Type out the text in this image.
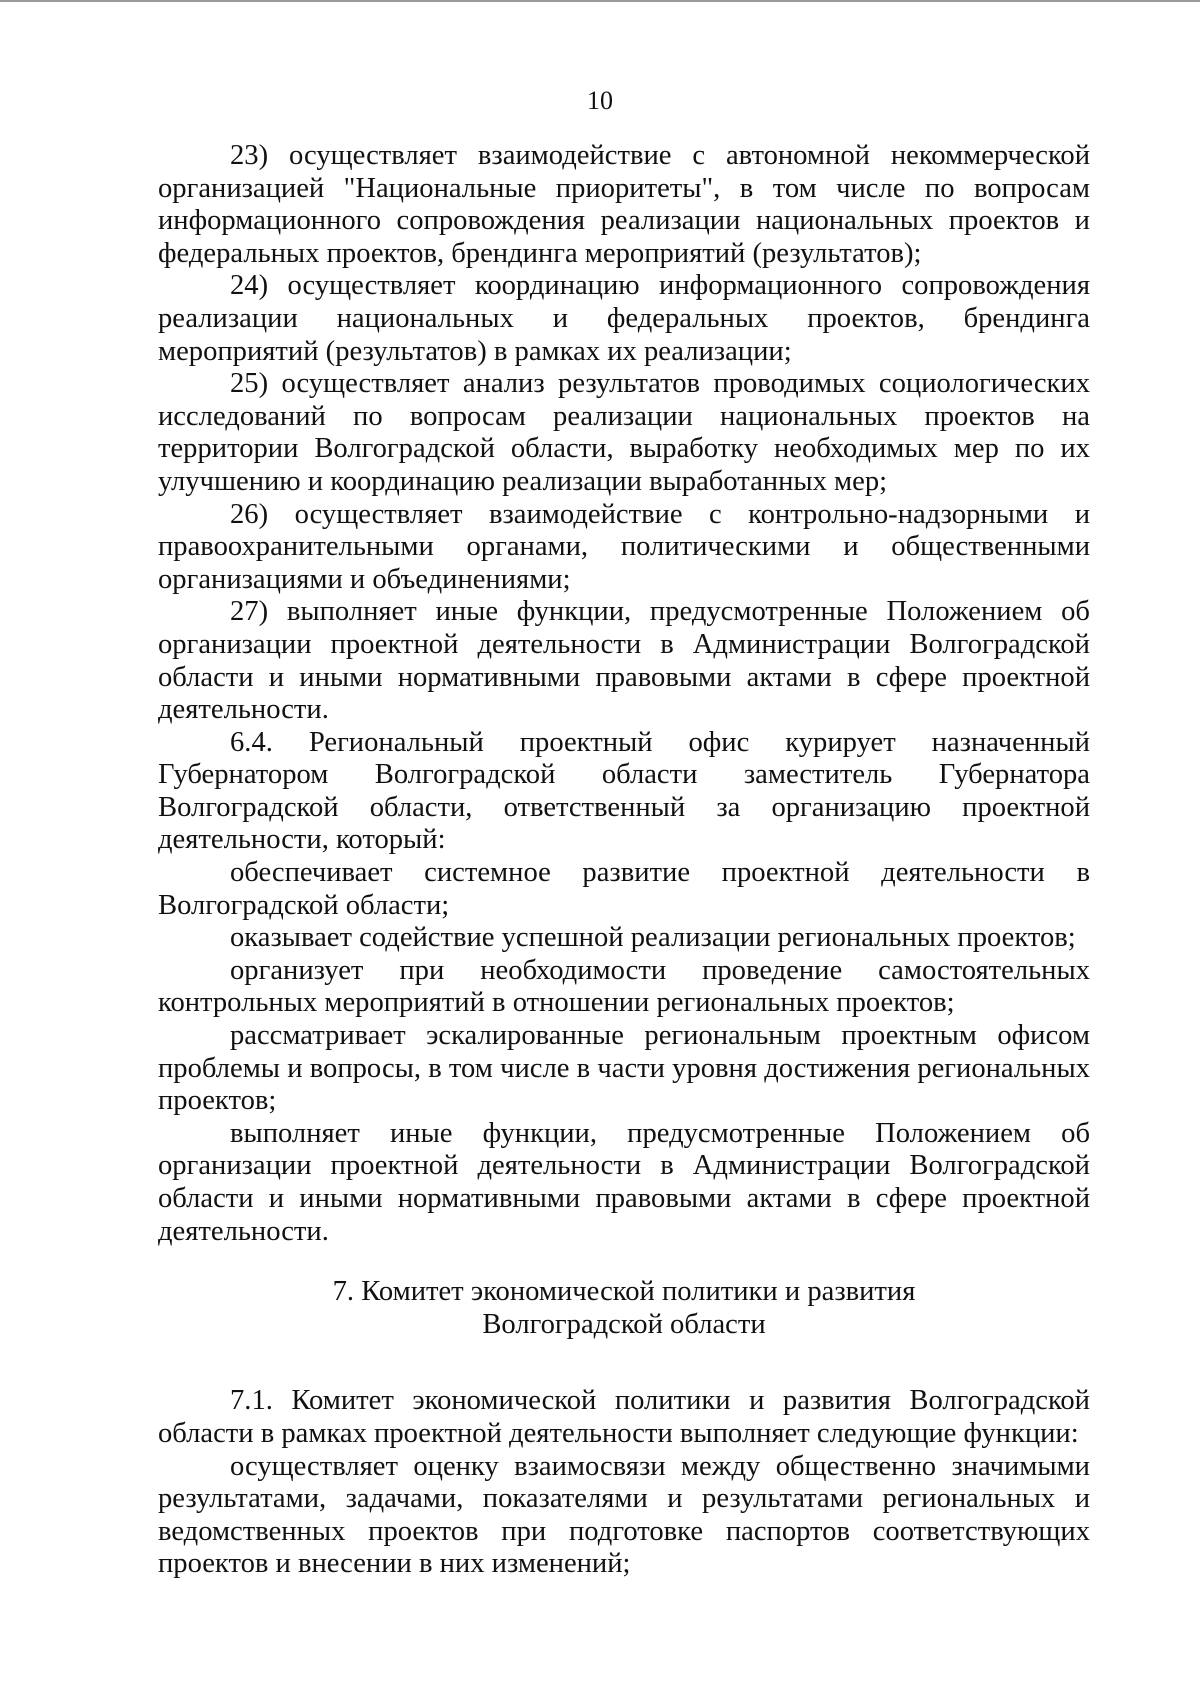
10

23) осуществляет взаимодействие с автономной некоммерческой организацией "Национальные приоритеты", в том числе по вопросам информационного сопровождения реализации национальных проектов и федеральных проектов, брендинга мероприятий (результатов);

24) осуществляет координацию информационного сопровождения реализации национальных и федеральных проектов, брендинга мероприятий (результатов) в рамках их реализации;

25) осуществляет анализ результатов проводимых социологических исследований по вопросам реализации национальных проектов на территории Волгоградской области, выработку необходимых мер по их улучшению и координацию реализации выработанных мер;

26) осуществляет взаимодействие с контрольно-надзорными и правоохранительными органами, политическими и общественными организациями и объединениями;

27) выполняет иные функции, предусмотренные Положением об организации проектной деятельности в Администрации Волгоградской области и иными нормативными правовыми актами в сфере проектной деятельности.

6.4. Региональный проектный офис курирует назначенный Губернатором Волгоградской области заместитель Губернатора Волгоградской области, ответственный за организацию проектной деятельности, который:

обеспечивает системное развитие проектной деятельности в Волгоградской области;

оказывает содействие успешной реализации региональных проектов;

организует при необходимости проведение самостоятельных контрольных мероприятий в отношении региональных проектов;

рассматривает эскалированные региональным проектным офисом проблемы и вопросы, в том числе в части уровня достижения региональных проектов;

выполняет иные функции, предусмотренные Положением об организации проектной деятельности в Администрации Волгоградской области и иными нормативными правовыми актами в сфере проектной деятельности.

7. Комитет экономической политики и развития

Волгоградской области

7.1. Комитет экономической политики и развития Волгоградской области в рамках проектной деятельности выполняет следующие функции:

осуществляет оценку взаимосвязи между общественно значимыми результатами, задачами, показателями и результатами региональных и ведомственных проектов при подготовке паспортов соответствующих проектов и внесении в них изменений;
